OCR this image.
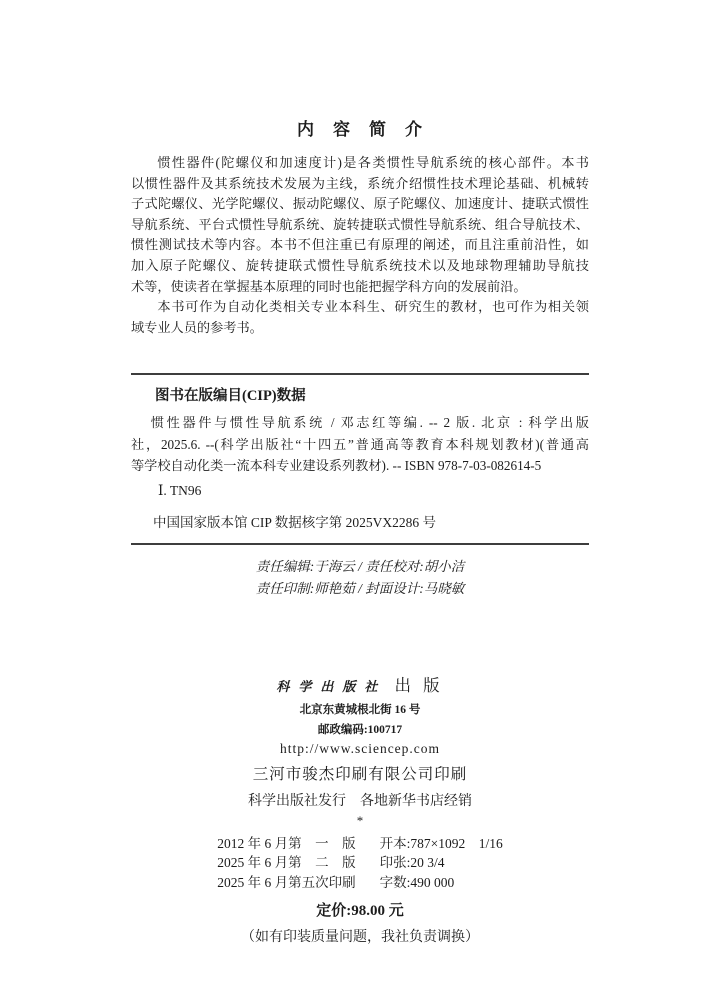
内　容　简　介
惯性器件(陀螺仪和加速度计)是各类惯性导航系统的核心部件。本书
以惯性器件及其系统技术发展为主线，系统介绍惯性技术理论基础、机械转
子式陀螺仪、光学陀螺仪、振动陀螺仪、原子陀螺仪、加速度计、捷联式惯性
导航系统、平台式惯性导航系统、旋转捷联式惯性导航系统、组合导航技术、
惯性测试技术等内容。本书不但注重已有原理的阐述，而且注重前沿性，如
加入原子陀螺仪、旋转捷联式惯性导航系统技术以及地球物理辅助导航技
术等，使读者在掌握基本原理的同时也能把握学科方向的发展前沿。
本书可作为自动化类相关专业本科生、研究生的教材，也可作为相关领
域专业人员的参考书。
图书在版编目(CIP)数据
惯性器件与惯性导航系统 / 邓志红等编. -- 2 版. 北京 : 科学出版
社，2025.6. --(科学出版社“十四五”普通高等教育本科规划教材)(普通高
等学校自动化类一流本科专业建设系列教材). -- ISBN 978-7-03-082614-5
Ⅰ. TN96
中国国家版本馆 CIP 数据核字第 2025VX2286 号
责任编辑:于海云 / 责任校对:胡小洁
责任印制:师艳茹 / 封面设计:马晓敏
科学出版社 出 版
北京东黄城根北街 16 号
邮政编码:100717
http://www.sciencep.com
三河市骏杰印刷有限公司印刷
科学出版社发行　各地新华书店经销
*
2012 年 6 月第　一　版 开本:787×1092　1/16
2025 年 6 月第　二　版 印张:20 3/4
2025 年 6 月第五次印刷 字数:490 000
定价:98.00 元
（如有印装质量问题，我社负责调换）
